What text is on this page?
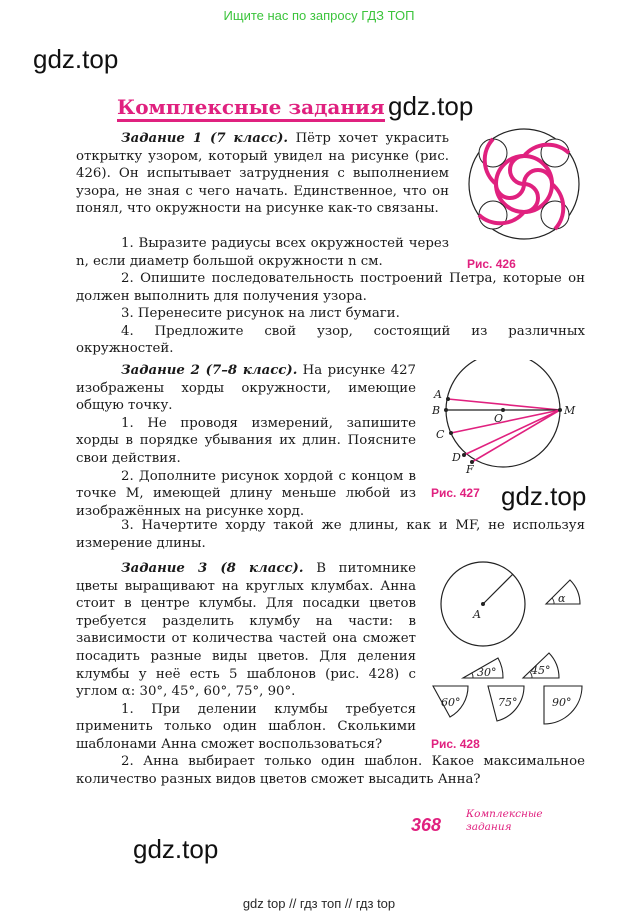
Ищите нас по запросу ГДЗ ТОП
gdz.top
gdz.top
gdz.top
gdz.top
Комплексные задания

Задание 1 (7 класс). Пётр хочет украсить открытку узором, который увидел на рисунке (рис. 426). Он испытывает затруднения с выполнением узора, не зная с чего начать. Единственное, что он понял, что окружности на рисунке как-то связаны.

1. Выразите радиусы всех окружностей через n, если диаметр большой окружности n см.

2. Опишите последовательность построений Петра, которые он должен выполнить для получения узора.

3. Перенесите рисунок на лист бумаги.

4. Предложите свой узор, состоящий из различных окружностей.

Рис. 426

Задание 2 (7–8 класс). На рисунке 427 изображены хорды окружности, имеющие общую точку.

1. Не проводя измерений, запишите хорды в порядке убывания их длин. Поясните свои действия.

2. Дополните рисунок хордой с концом в точке M, имеющей длину меньше любой из изображённых на рисунке хорд.

3. Начертите хорду такой же длины, как и MF, не используя измерение длины.

A
B
C
D
F
O
M
Рис. 427

Задание 3 (8 класс). В питомнике цветы выращивают на круглых клумбах. Анна стоит в центре клумбы. Для посадки цветов требуется разделить клумбу на части: в зависимости от количества частей она сможет посадить разные виды цветов. Для деления клумбы у неё есть 5 шаблонов (рис. 428) с углом α: 30°, 45°, 60°, 75°, 90°.

1. При делении клумбы требуется применить только один шаблон. Сколькими шаблонами Анна сможет воспользоваться?

2. Анна выбирает только один шаблон. Какое максимальное количество разных видов цветов сможет высадить Анна?

A
α
30°	45°
60°	75°	90°
Рис. 428
368
Комплексные
задания
gdz top // гдз топ // гдз top
